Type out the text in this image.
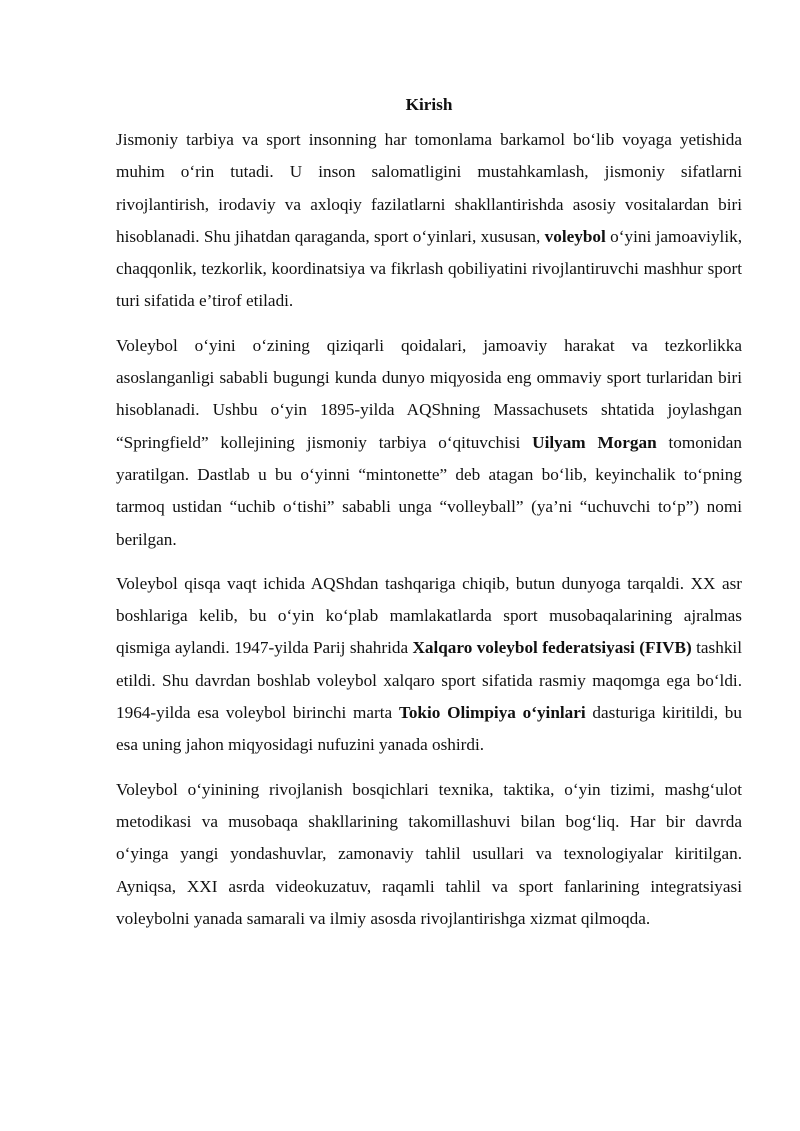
Kirish

Jismoniy tarbiya va sport insonning har tomonlama barkamol bo‘lib voyaga yetishida muhim o‘rin tutadi. U inson salomatligini mustahkamlash, jismoniy sifatlarni rivojlantirish, irodaviy va axloqiy fazilatlarni shakllantirishda asosiy vositalardan biri hisoblanadi. Shu jihatdan qaraganda, sport o‘yinlari, xususan, voleybol o‘yini jamoaviylik, chaqqonlik, tezkorlik, koordinatsiya va fikrlash qobiliyatini rivojlantiruvchi mashhur sport turi sifatida e’tirof etiladi.

Voleybol o‘yini o‘zining qiziqarli qoidalari, jamoaviy harakat va tezkorlikka asoslanganligi sababli bugungi kunda dunyo miqyosida eng ommaviy sport turlaridan biri hisoblanadi. Ushbu o‘yin 1895-yilda AQShning Massachusets shtatida joylashgan “Springfield” kollejining jismoniy tarbiya o‘qituvchisi Uilyam Morgan tomonidan yaratilgan. Dastlab u bu o‘yinni “mintonette” deb atagan bo‘lib, keyinchalik to‘pning tarmoq ustidan “uchib o‘tishi” sababli unga “volleyball” (ya’ni “uchuvchi to‘p”) nomi berilgan.

Voleybol qisqa vaqt ichida AQShdan tashqariga chiqib, butun dunyoga tarqaldi. XX asr boshlariga kelib, bu o‘yin ko‘plab mamlakatlarda sport musobaqalarining ajralmas qismiga aylandi. 1947-yilda Parij shahrida Xalqaro voleybol federatsiyasi (FIVB) tashkil etildi. Shu davrdan boshlab voleybol xalqaro sport sifatida rasmiy maqomga ega bo‘ldi. 1964-yilda esa voleybol birinchi marta Tokio Olimpiya o‘yinlari dasturiga kiritildi, bu esa uning jahon miqyosidagi nufuzini yanada oshirdi.

Voleybol o‘yinining rivojlanish bosqichlari texnika, taktika, o‘yin tizimi, mashg‘ulot metodikasi va musobaqa shakllarining takomillashuvi bilan bog‘liq. Har bir davrda o‘yinga yangi yondashuvlar, zamonaviy tahlil usullari va texnologiyalar kiritilgan. Ayniqsa, XXI asrda videokuzatuv, raqamli tahlil va sport fanlarining integratsiyasi voleybolni yanada samarali va ilmiy asosda rivojlantirishga xizmat qilmoqda.
